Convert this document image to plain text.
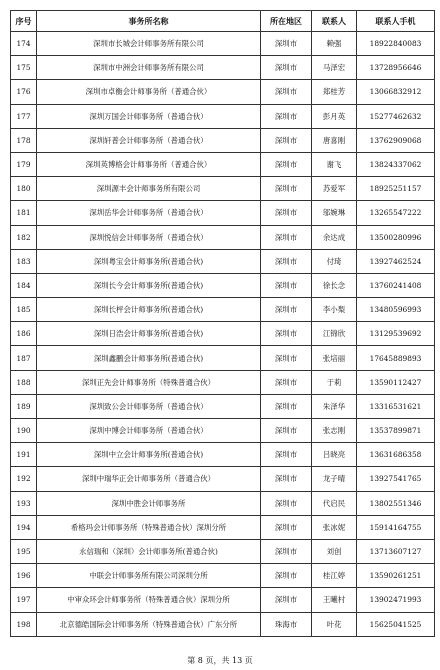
序号	事务所名称	所在地区	联系人	联系人手机
174	深圳市长城会计师事务所有限公司	深圳市	赖强	18922840083
175	深圳市中洲会计师事务所有限公司	深圳市	马泽宏	13728956646
176	深圳市卓衡会计师事务所（普通合伙）	深圳市	郑桂芳	13066832912
177	深圳万国会计师事务所（普通合伙）	深圳市	彭月英	15277462632
178	深圳轩普会计师事务所（普通合伙）	深圳市	唐喜刚	13762909068
179	深圳英博格会计师事务所（普通合伙）	深圳市	谢飞	13824337062
180	深圳源丰会计师事务所有限公司	深圳市	苏爱军	18925251157
181	深圳岳华会计师事务所（普通合伙）	深圳市	邬婉琳	13265547222
182	深圳悦信会计师事务所（普通合伙）	深圳市	余达成	13500280996
183	深圳粤宝会计师事务所(普通合伙)	深圳市	付琦	13927462524
184	深圳长今会计师事务所(普通合伙)	深圳市	徐长念	13760241408
185	深圳长枰会计师事务所(普通合伙)	深圳市	李小梨	13480596993
186	深圳日浩会计师事务所(普通合伙)	深圳市	江锦欣	13129539692
187	深圳鑫鹏会计师事务所(普通合伙)	深圳市	张培丽	17645889893
188	深圳正先会计师事务所（特殊普通合伙）	深圳市	于莉	13590112427
189	深圳致公会计师事务所（普通合伙）	深圳市	朱泽华	13316531621
190	深圳中博会计师事务所（普通合伙）	深圳市	张志刚	13537899871
191	深圳中立会计师事务所(普通合伙)	深圳市	吕晓亮	13631686358
192	深圳中瑞华正会计师事务所（普通合伙）	深圳市	龙子晴	13927541765
193	深圳中胜会计师事务所	深圳市	代启民	13802551346
194	希格玛会计师事务所（特殊普通合伙）深圳分所	深圳市	张冰妮	15914164755
195	永信瑞和（深圳）会计师事务所(普通合伙)	深圳市	刘创	13713607127
196	中联会计师事务所有限公司深圳分所	深圳市	桂江婷	13590261251
197	中审众环会计师事务所（特殊普通合伙）深圳分所	深圳市	王曦村	13902471993
198	北京德皓国际会计师事务所（特殊普通合伙）广东分所	珠海市	叶花	15625041525
第 8 页，共 13 页
